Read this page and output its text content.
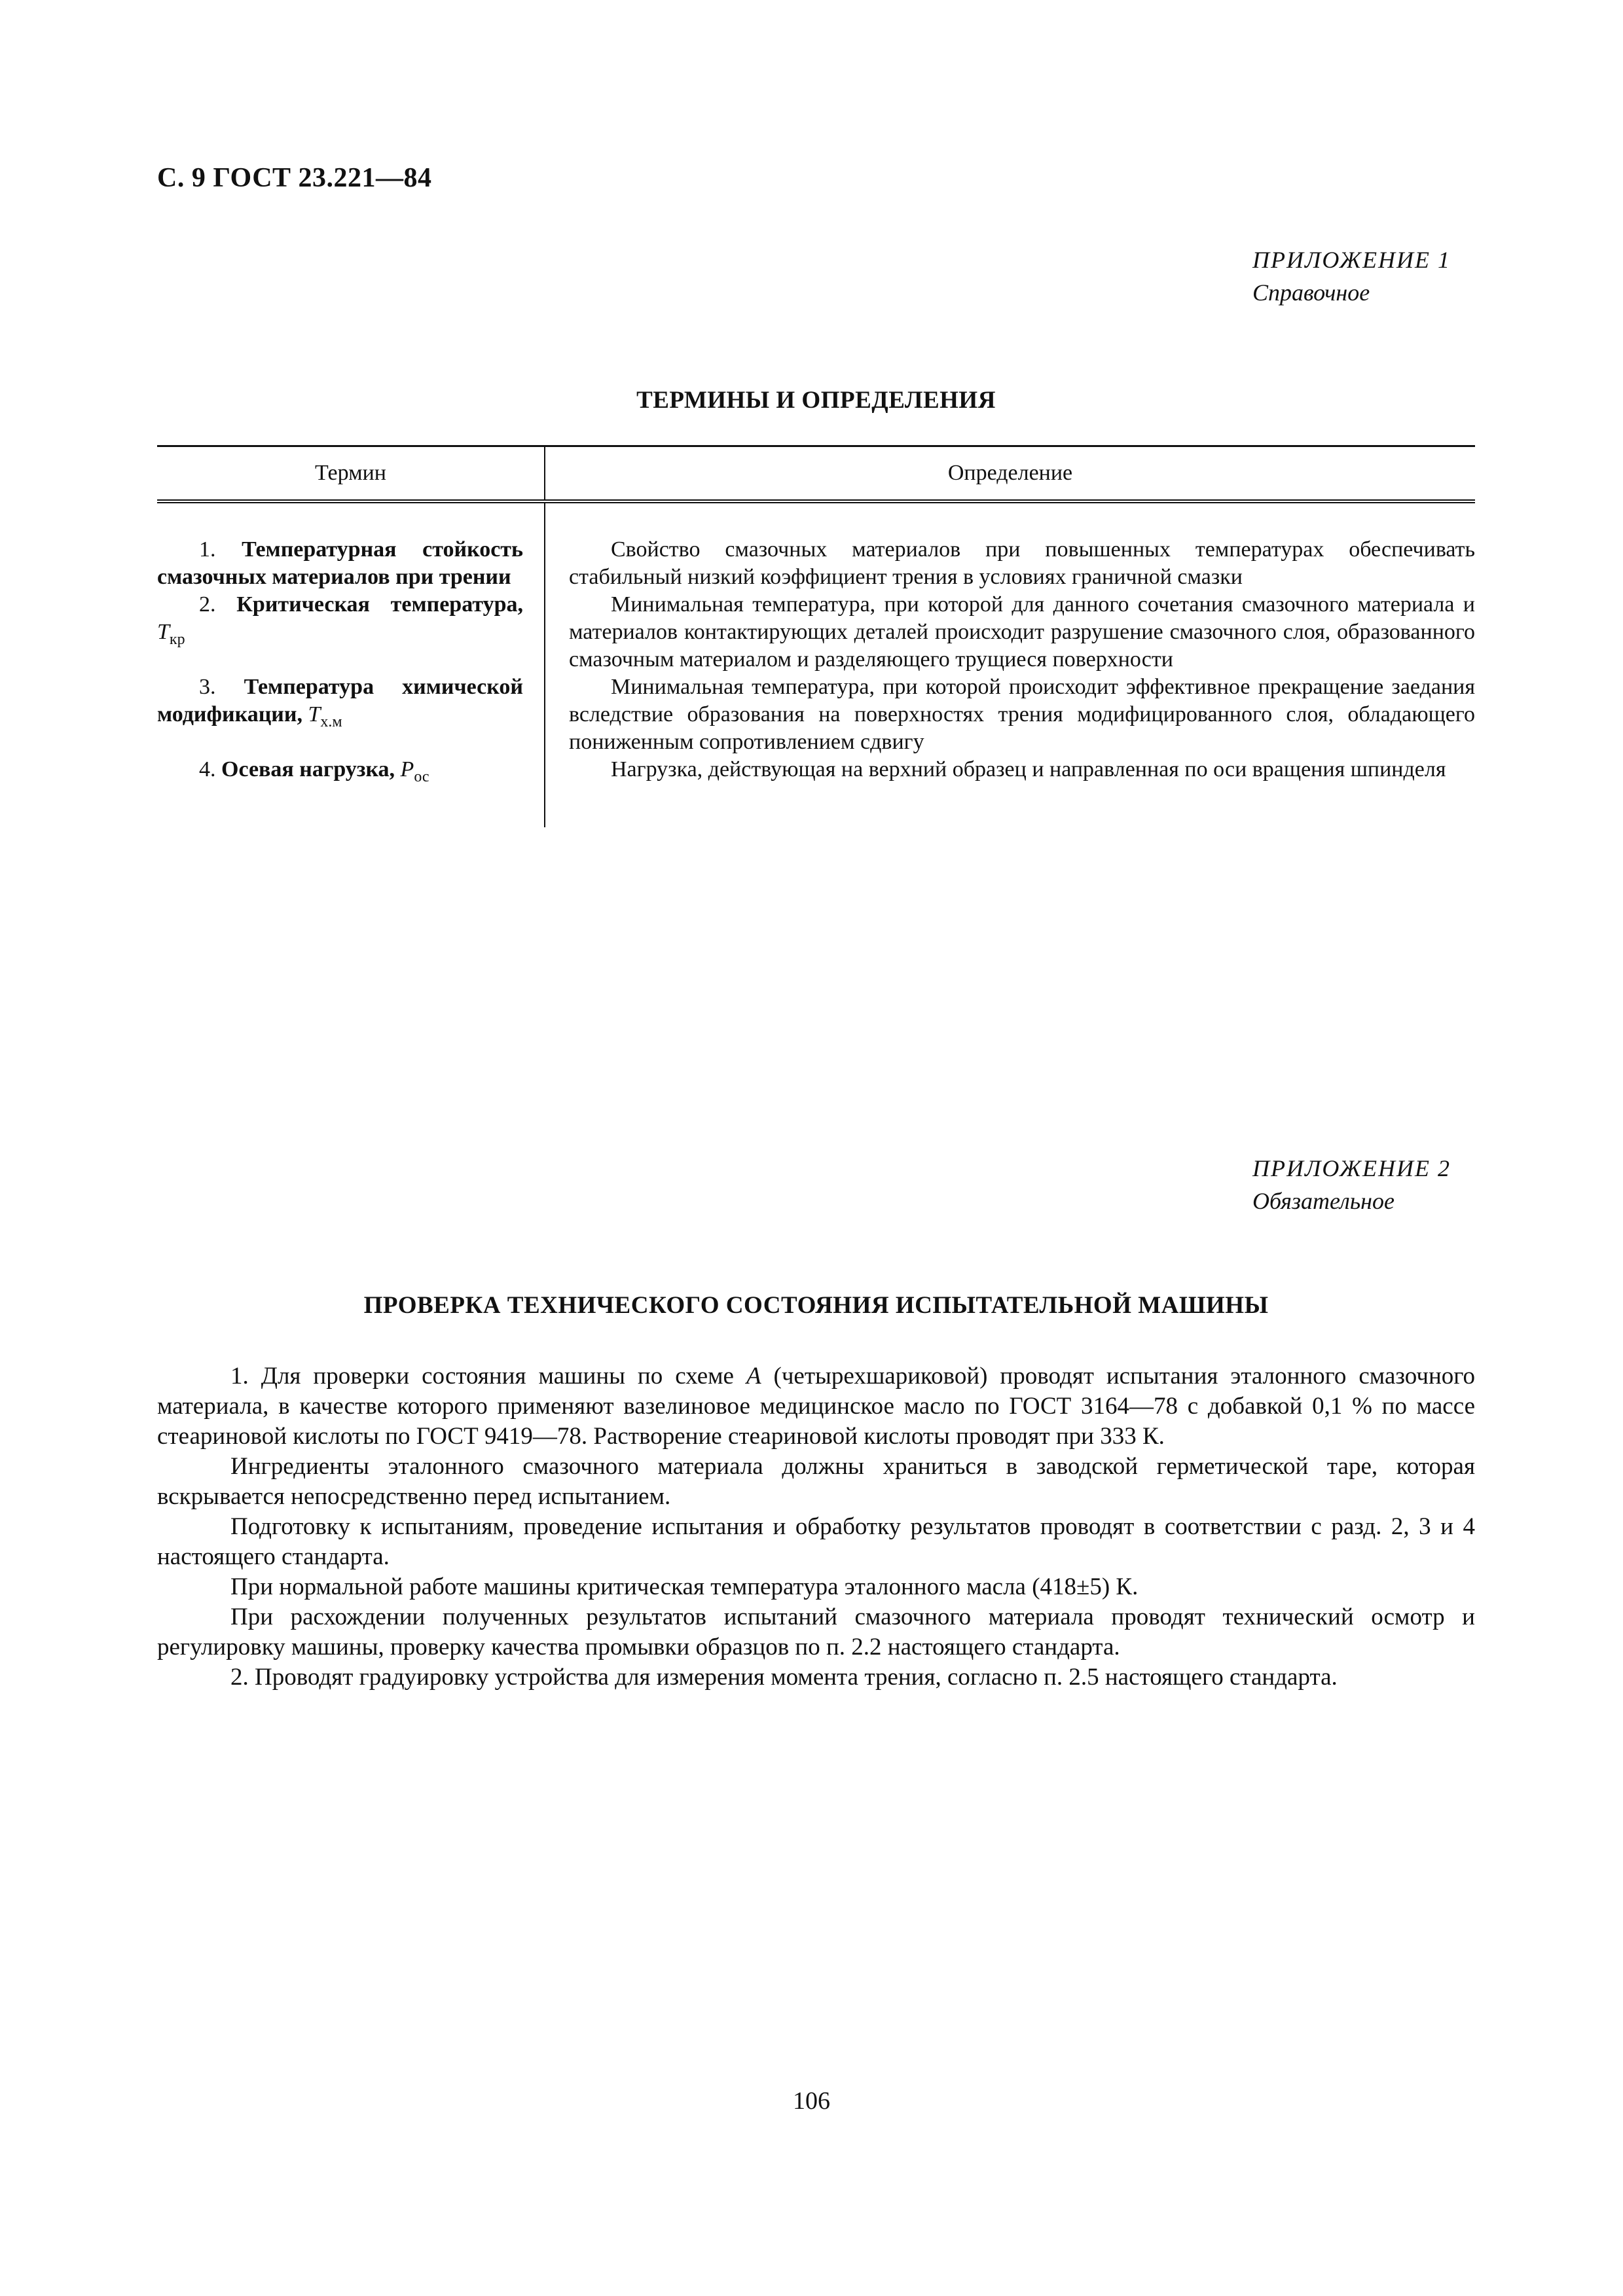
С. 9 ГОСТ 23.221—84
ПРИЛОЖЕНИЕ 1
Справочное
ТЕРМИНЫ И ОПРЕДЕЛЕНИЯ
Термин	Определение

1. Температурная стойкость смазочных материалов при трении	Свойство смазочных материалов при повышенных температурах обеспечивать стабильный низкий коэффициент трения в условиях граничной смазки

2. Критическая температура, $T_{кр}$	Минимальная температура, при которой для данного сочетания смазочного материала и материалов контактирующих деталей происходит разрушение смазочного слоя, образованного смазочным материалом и разделяющего трущиеся поверхности

3. Температура химической модификации, $T_{х.м}$	Минимальная температура, при которой происходит эффективное прекращение заедания вследствие образования на поверхностях трения модифицированного слоя, обладающего пониженным сопротивлением сдвигу

4. Осевая нагрузка, $P_{ос}$	Нагрузка, действующая на верхний образец и направленная по оси вращения шпинделя
ПРИЛОЖЕНИЕ 2
Обязательное
ПРОВЕРКА ТЕХНИЧЕСКОГО СОСТОЯНИЯ ИСПЫТАТЕЛЬНОЙ МАШИНЫ

1. Для проверки состояния машины по схеме А (четырехшариковой) проводят испытания эталонного смазочного материала, в качестве которого применяют вазелиновое медицинское масло по ГОСТ 3164—78 с добавкой 0,1 % по массе стеариновой кислоты по ГОСТ 9419—78. Растворение стеариновой кислоты проводят при 333 К.

Ингредиенты эталонного смазочного материала должны храниться в заводской герметической таре, которая вскрывается непосредственно перед испытанием.

Подготовку к испытаниям, проведение испытания и обработку результатов проводят в соответствии с разд. 2, 3 и 4 настоящего стандарта.

При нормальной работе машины критическая температура эталонного масла (418±5) К.

При расхождении полученных результатов испытаний смазочного материала проводят технический осмотр и регулировку машины, проверку качества промывки образцов по п. 2.2 настоящего стандарта.

2. Проводят градуировку устройства для измерения момента трения, согласно п. 2.5 настоящего стандарта.

106
